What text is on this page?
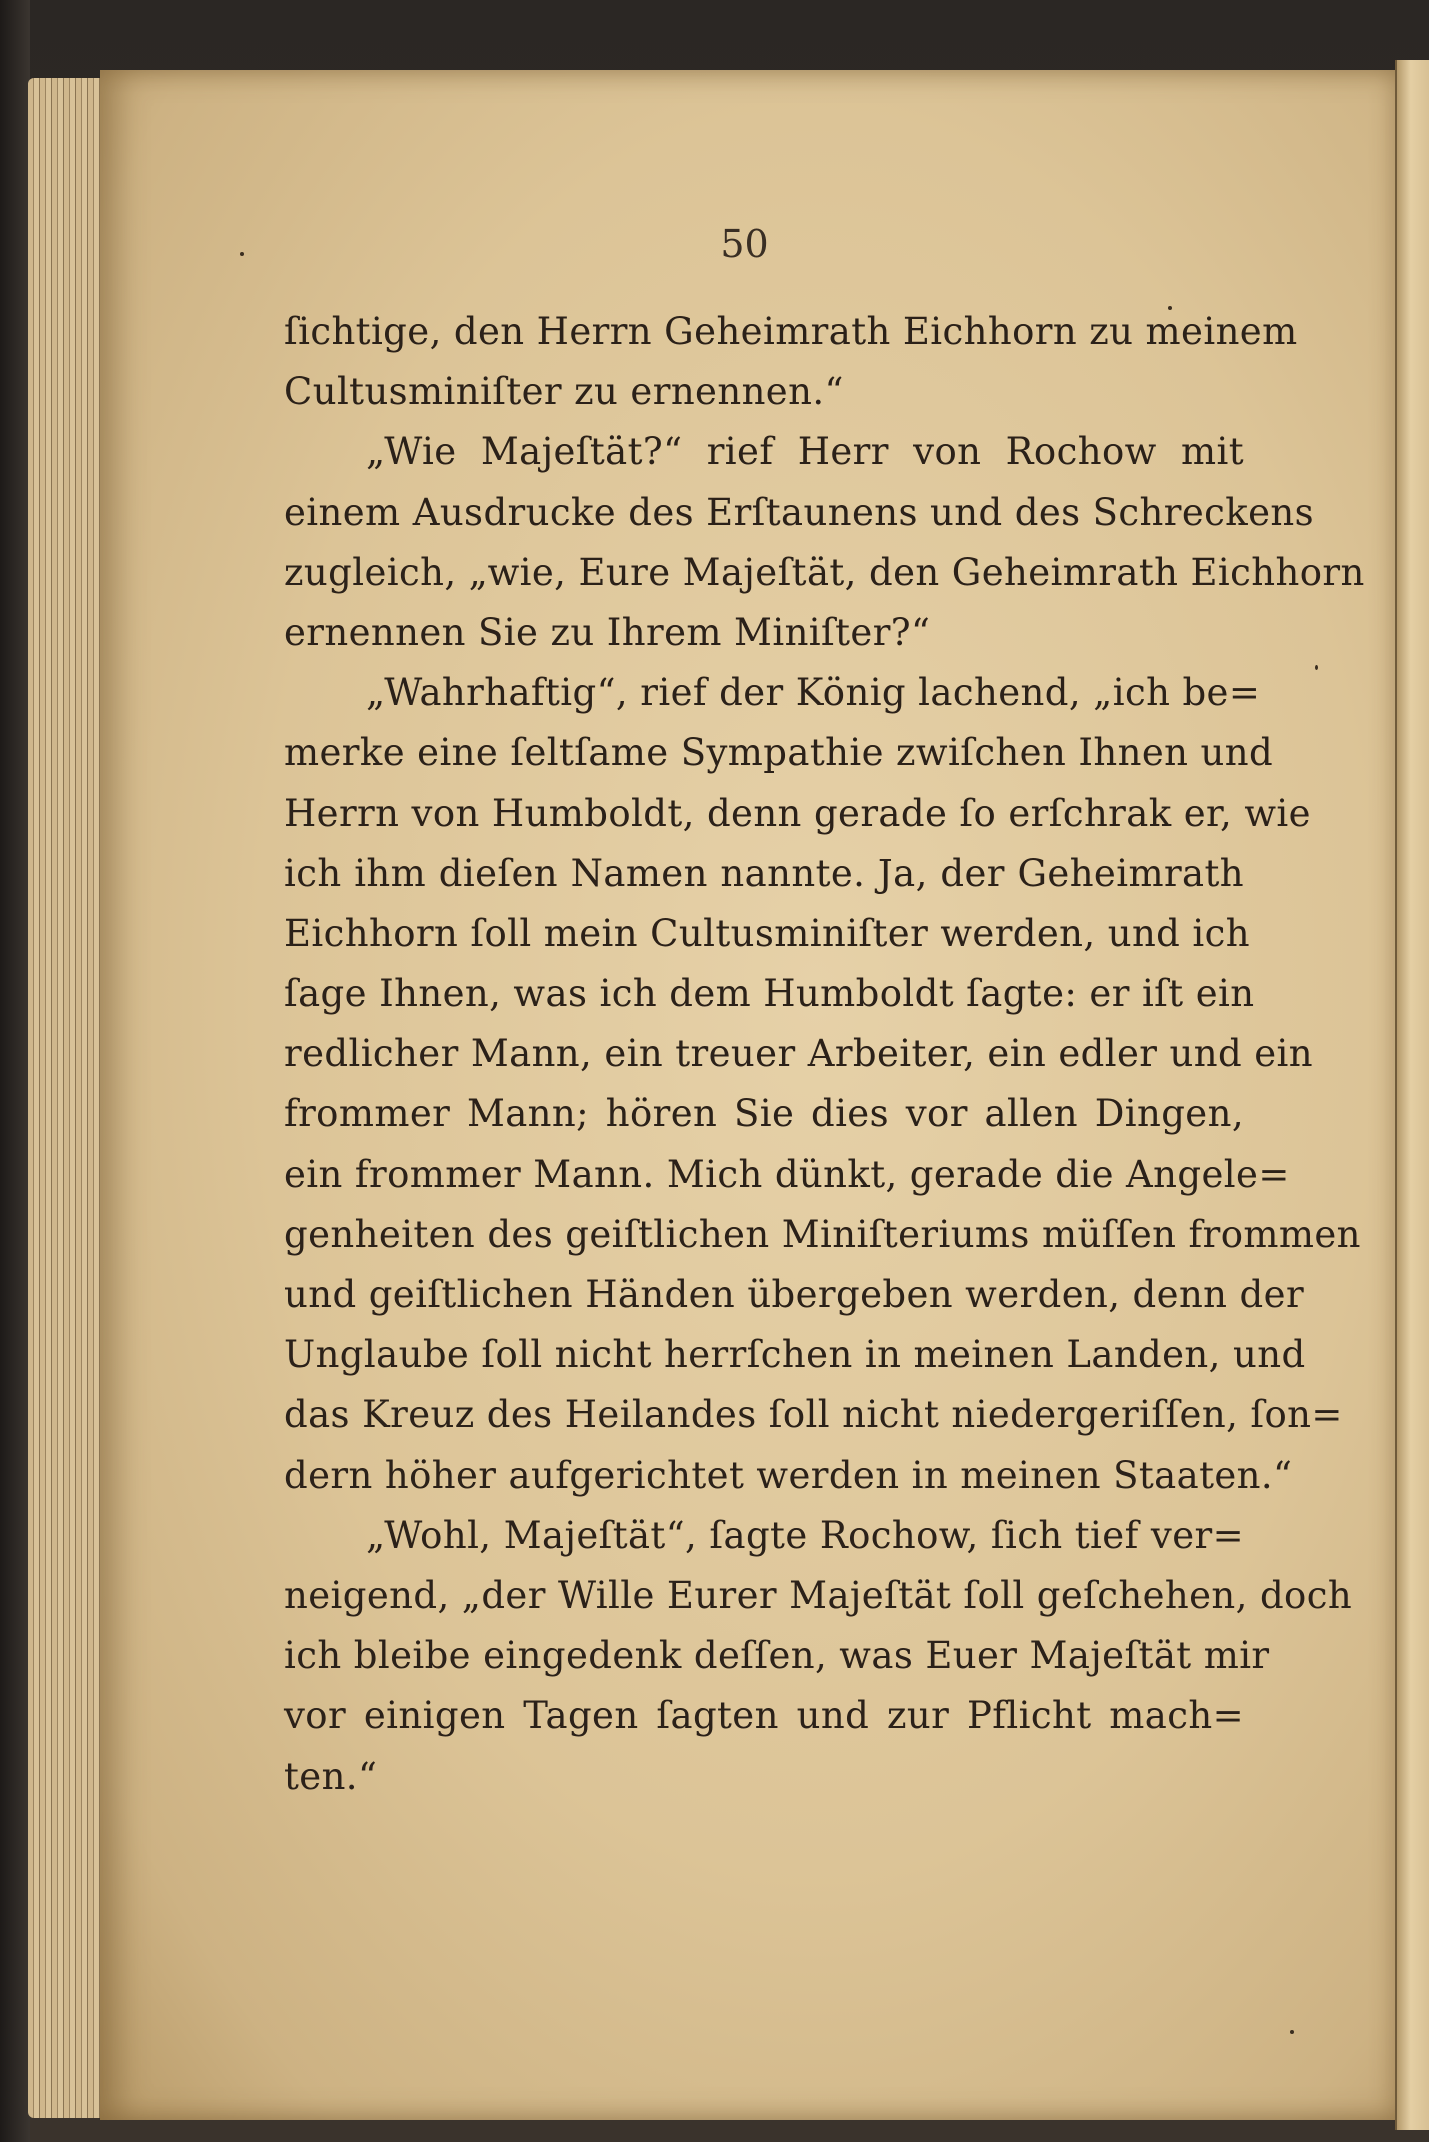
50
ſichtige, den Herrn Geheimrath Eichhorn zu meinem
Cultusminiſter zu ernennen.“
„Wie Majeſtät?“ rief Herr von Rochow mit
einem Ausdrucke des Erſtaunens und des Schreckens
zugleich, „wie, Eure Majeſtät, den Geheimrath Eichhorn
ernennen Sie zu Ihrem Miniſter?“
„Wahrhaftig“, rief der König lachend, „ich be=
merke eine ſeltſame Sympathie zwiſchen Ihnen und
Herrn von Humboldt, denn gerade ſo erſchrak er, wie
ich ihm dieſen Namen nannte. Ja, der Geheimrath
Eichhorn ſoll mein Cultusminiſter werden, und ich
ſage Ihnen, was ich dem Humboldt ſagte: er iſt ein
redlicher Mann, ein treuer Arbeiter, ein edler und ein
frommer Mann; hören Sie dies vor allen Dingen,
ein frommer Mann. Mich dünkt, gerade die Angele=
genheiten des geiſtlichen Miniſteriums müſſen frommen
und geiſtlichen Händen übergeben werden, denn der
Unglaube ſoll nicht herrſchen in meinen Landen, und
das Kreuz des Heilandes ſoll nicht niedergeriſſen, ſon=
dern höher aufgerichtet werden in meinen Staaten.“
„Wohl, Majeſtät“, ſagte Rochow, ſich tief ver=
neigend, „der Wille Eurer Majeſtät ſoll geſchehen, doch
ich bleibe eingedenk deſſen, was Euer Majeſtät mir
vor einigen Tagen ſagten und zur Pflicht mach=
ten.“
